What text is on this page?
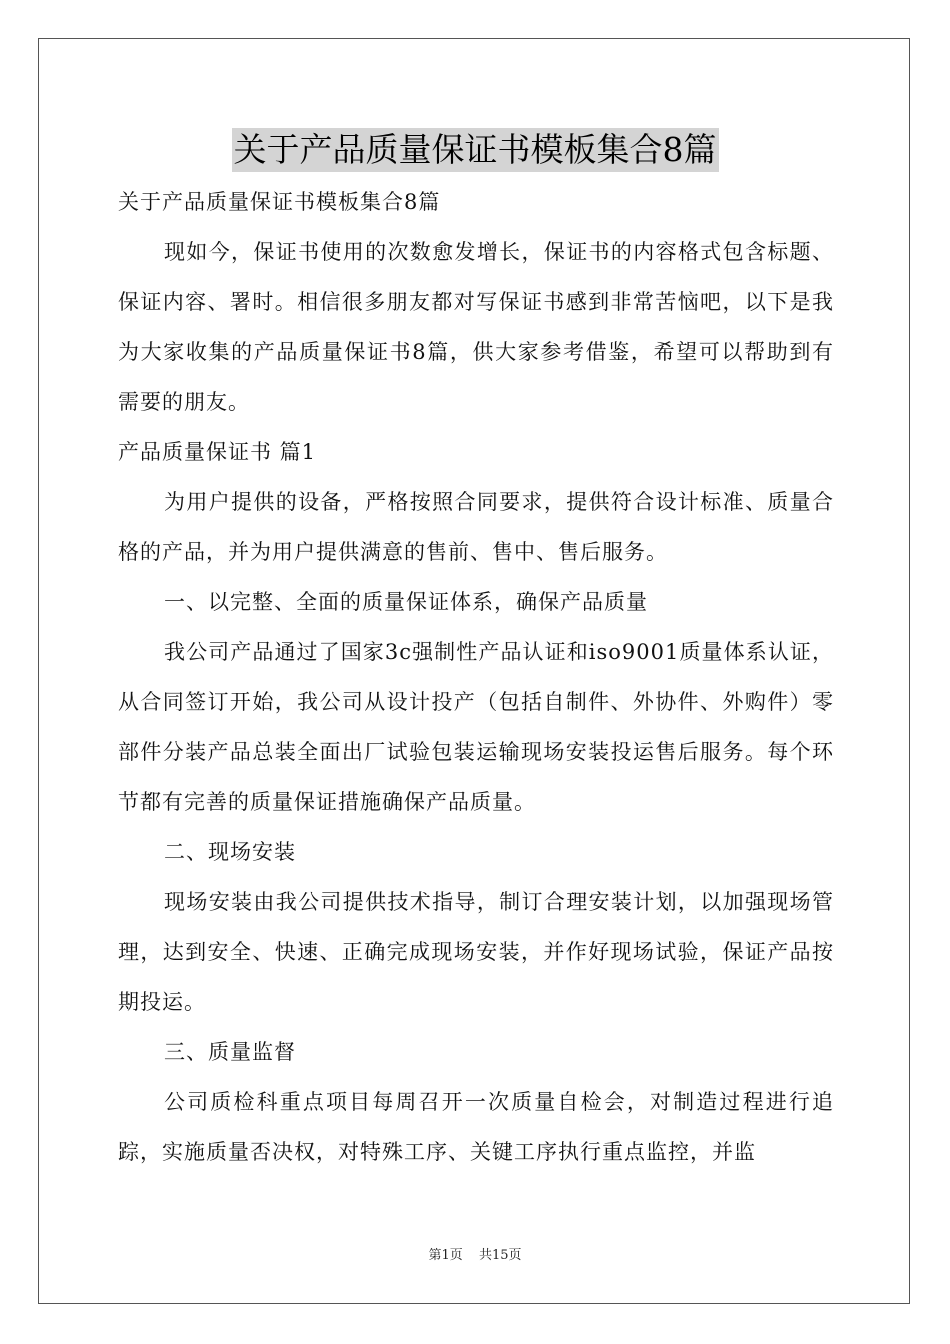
关于产品质量保证书模板集合8篇

关于产品质量保证书模板集合8篇

现如今，保证书使用的次数愈发增长，保证书的内容格式包含标题、保证内容、署时。相信很多朋友都对写保证书感到非常苦恼吧，以下是我为大家收集的产品质量保证书8篇，供大家参考借鉴，希望可以帮助到有需要的朋友。

产品质量保证书 篇1

为用户提供的设备，严格按照合同要求，提供符合设计标准、质量合格的产品，并为用户提供满意的售前、售中、售后服务。

一、以完整、全面的质量保证体系，确保产品质量

我公司产品通过了国家3c强制性产品认证和iso9001质量体系认证，从合同签订开始，我公司从设计投产（包括自制件、外协件、外购件）零部件分装产品总装全面出厂试验包装运输现场安装投运售后服务。每个环节都有完善的质量保证措施确保产品质量。

二、现场安装

现场安装由我公司提供技术指导，制订合理安装计划，以加强现场管理，达到安全、快速、正确完成现场安装，并作好现场试验，保证产品按期投运。

三、质量监督

公司质检科重点项目每周召开一次质量自检会，对制造过程进行追踪，实施质量否决权，对特殊工序、关键工序执行重点监控，并监

第1页 共15页
